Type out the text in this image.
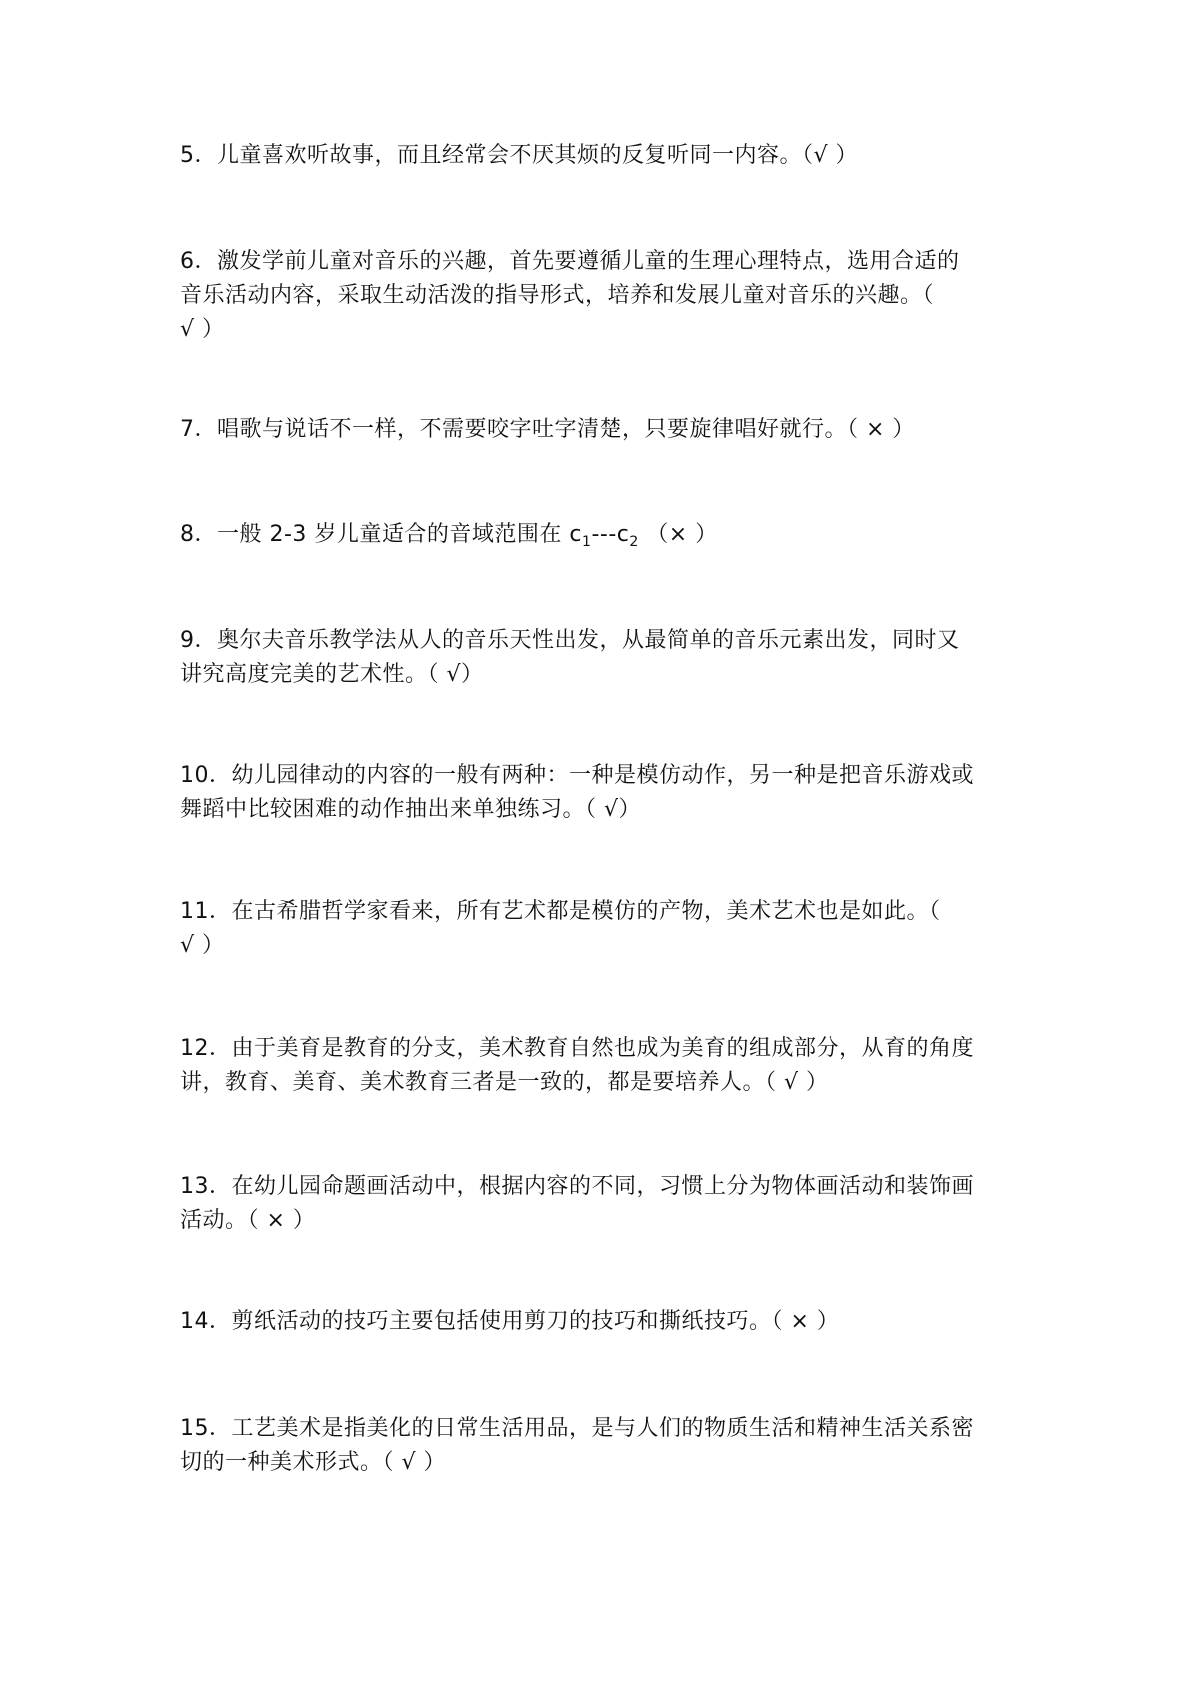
5．儿童喜欢听故事，而且经常会不厌其烦的反复听同一内容。（√ ）
6．激发学前儿童对音乐的兴趣，首先要遵循儿童的生理心理特点，选用合适的
音乐活动内容，采取生动活泼的指导形式，培养和发展儿童对音乐的兴趣。（
√ ）
7．唱歌与说话不一样，不需要咬字吐字清楚，只要旋律唱好就行。（ × ）
8．一般 2-3 岁儿童适合的音域范围在 $c_1---c_2$ （× ）
9．奥尔夫音乐教学法从人的音乐天性出发，从最简单的音乐元素出发，同时又
讲究高度完美的艺术性。（ √）
10．幼儿园律动的内容的一般有两种：一种是模仿动作，另一种是把音乐游戏或
舞蹈中比较困难的动作抽出来单独练习。（ √）
11．在古希腊哲学家看来，所有艺术都是模仿的产物，美术艺术也是如此。（
√ ）
12．由于美育是教育的分支，美术教育自然也成为美育的组成部分，从育的角度
讲，教育、美育、美术教育三者是一致的，都是要培养人。（ √ ）
13．在幼儿园命题画活动中，根据内容的不同，习惯上分为物体画活动和装饰画
活动。（ × ）
14．剪纸活动的技巧主要包括使用剪刀的技巧和撕纸技巧。（ × ）
15．工艺美术是指美化的日常生活用品，是与人们的物质生活和精神生活关系密
切的一种美术形式。（ √ ）
